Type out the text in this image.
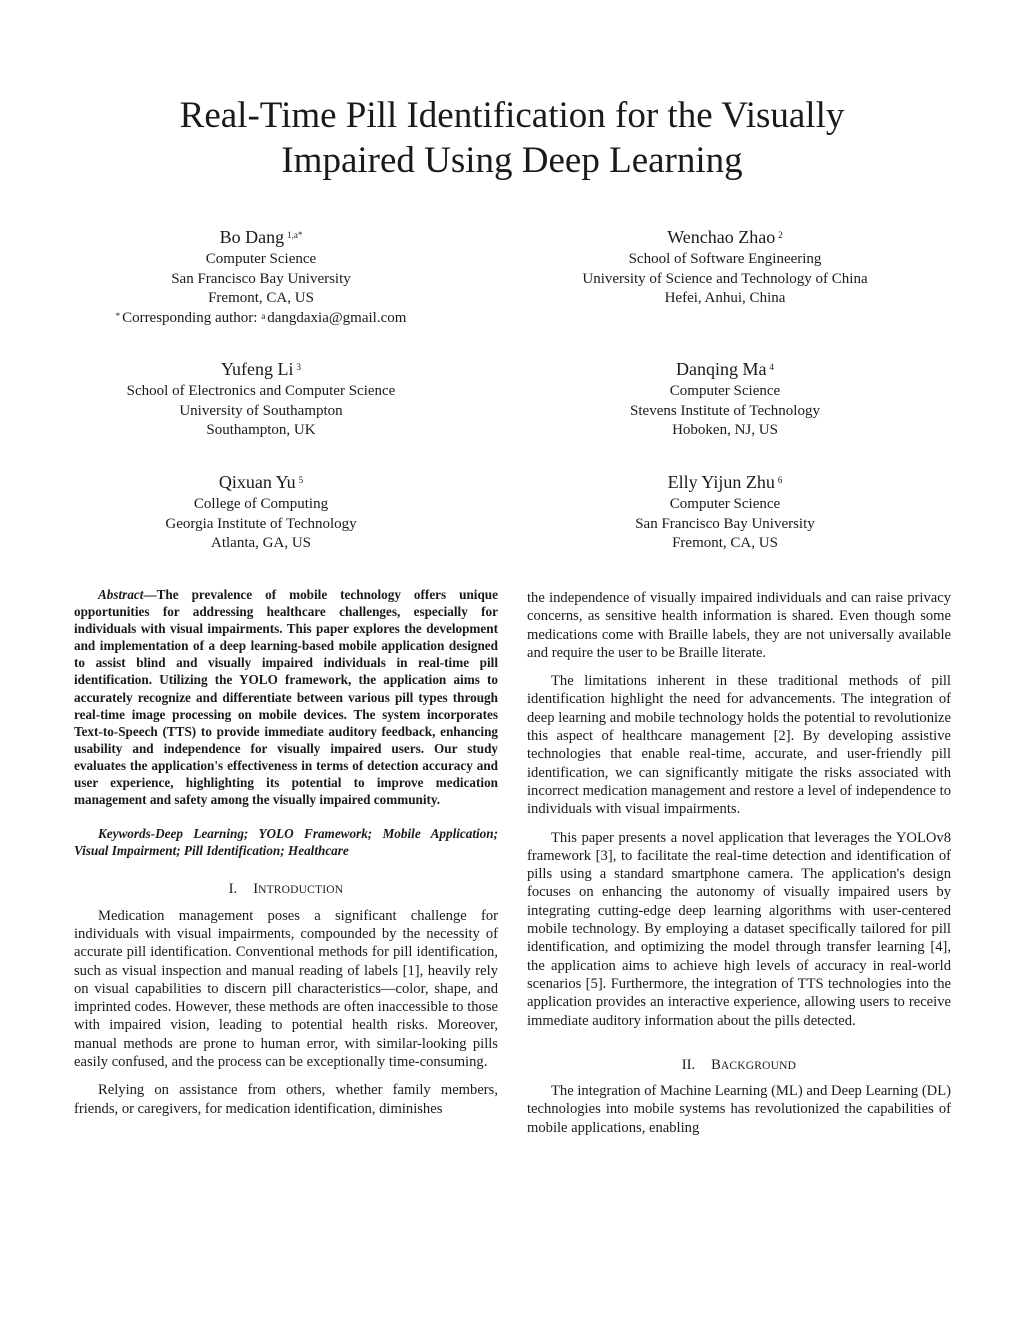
Real-Time Pill Identification for the Visually
Impaired Using Deep Learning
Bo Dang $^{1,a*}$
Computer Science
San Francisco Bay University
Fremont, CA, US
* Corresponding author: $^a$ dangdaxia@gmail.com
Wenchao Zhao $^2$
School of Software Engineering
University of Science and Technology of China
Hefei, Anhui, China
Yufeng Li $^3$
School of Electronics and Computer Science
University of Southampton
Southampton, UK
Danqing Ma $^4$
Computer Science
Stevens Institute of Technology
Hoboken, NJ, US
Qixuan Yu $^5$
College of Computing
Georgia Institute of Technology
Atlanta, GA, US
Elly Yijun Zhu $^6$
Computer Science
San Francisco Bay University
Fremont, CA, US

Abstract—The prevalence of mobile technology offers unique opportunities for addressing healthcare challenges, especially for individuals with visual impairments. This paper explores the development and implementation of a deep learning-based mobile application designed to assist blind and visually impaired individuals in real-time pill identification. Utilizing the YOLO framework, the application aims to accurately recognize and differentiate between various pill types through real-time image processing on mobile devices. The system incorporates Text-to-Speech (TTS) to provide immediate auditory feedback, enhancing usability and independence for visually impaired users. Our study evaluates the application's effectiveness in terms of detection accuracy and user experience, highlighting its potential to improve medication management and safety among the visually impaired community.

Keywords-Deep Learning; YOLO Framework; Mobile Application; Visual Impairment; Pill Identification; Healthcare

I. INTRODUCTION

Medication management poses a significant challenge for individuals with visual impairments, compounded by the necessity of accurate pill identification. Conventional methods for pill identification, such as visual inspection and manual reading of labels [1], heavily rely on visual capabilities to discern pill characteristics—color, shape, and imprinted codes. However, these methods are often inaccessible to those with impaired vision, leading to potential health risks. Moreover, manual methods are prone to human error, with similar-looking pills easily confused, and the process can be exceptionally time-consuming.

Relying on assistance from others, whether family members, friends, or caregivers, for medication identification, diminishes

the independence of visually impaired individuals and can raise privacy concerns, as sensitive health information is shared. Even though some medications come with Braille labels, they are not universally available and require the user to be Braille literate.

The limitations inherent in these traditional methods of pill identification highlight the need for advancements. The integration of deep learning and mobile technology holds the potential to revolutionize this aspect of healthcare management [2]. By developing assistive technologies that enable real-time, accurate, and user-friendly pill identification, we can significantly mitigate the risks associated with incorrect medication management and restore a level of independence to individuals with visual impairments.

This paper presents a novel application that leverages the YOLOv8 framework [3], to facilitate the real-time detection and identification of pills using a standard smartphone camera. The application's design focuses on enhancing the autonomy of visually impaired users by integrating cutting-edge deep learning algorithms with user-centered mobile technology. By employing a dataset specifically tailored for pill identification, and optimizing the model through transfer learning [4], the application aims to achieve high levels of accuracy in real-world scenarios [5]. Furthermore, the integration of TTS technologies into the application provides an interactive experience, allowing users to receive immediate auditory information about the pills detected.

II. BACKGROUND

The integration of Machine Learning (ML) and Deep Learning (DL) technologies into mobile systems has revolutionized the capabilities of mobile applications, enabling
